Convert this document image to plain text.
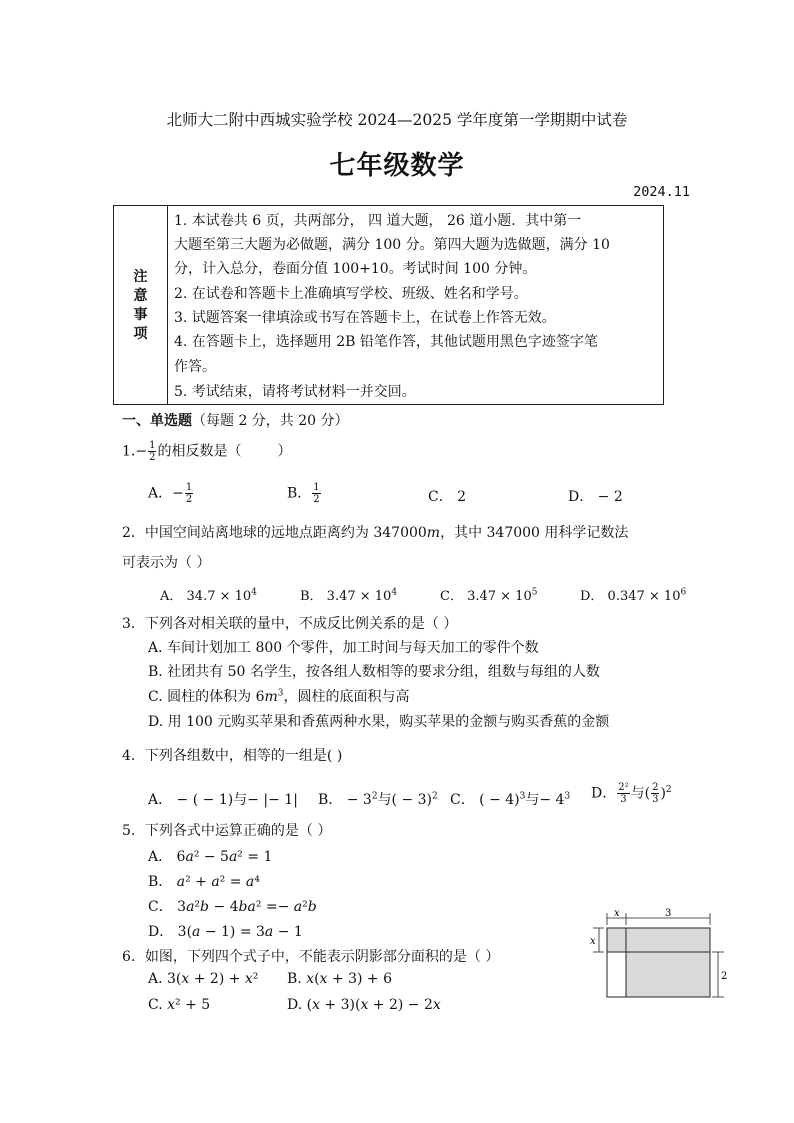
北师大二附中西城实验学校 2024—2025 学年度第一学期期中试卷
七年级数学
2024.11
注
意
事
项
1. 本试卷共 6 页，共两部分， 四 道大题， 26 道小题．其中第一
大题至第三大题为必做题，满分 100 分。第四大题为选做题，满分 10
分，计入总分，卷面分值 100+10。考试时间 100 分钟。
2. 在试卷和答题卡上准确填写学校、班级、姓名和学号。
3. 试题答案一律填涂或书写在答题卡上，在试卷上作答无效。
4. 在答题卡上，选择题用 2B 铅笔作答，其他试题用黑色字迹签字笔
作答。
5. 考试结束，请将考试材料一并交回。
一、单选题（每题 2 分，共 20 分）
$1.- \frac{1}{2}$ 的相反数是（	）
A．− $\frac{1}{2}$	B． $\frac{1}{2}$	C． 2	D． − 2
2．中国空间站离地球的远地点距离约为 347000𝑚，其中 347000 用科学记数法
可表示为（ ）
A． $34.7 \times 10^4$	B． $3.47 \times 10^4$	C． $3.47 \times 10^5$	D． $0.347 \times 10^6$
3．下列各对相关联的量中，不成反比例关系的是（ ）
A. 车间计划加工 800 个零件，加工时间与每天加工的零件个数
B. 社团共有 50 名学生，按各组人数相等的要求分组，组数与每组的人数
C. 圆柱的体积为 6𝑚$^3$，圆柱的底面积与高
D. 用 100 元购买苹果和香蕉两种水果，购买苹果的金额与购买香蕉的金额
4．下列各组数中，相等的一组是( )
A． − ( − 1)与− |− 1| B． − $3^2$与( − 3)$^2$ C． ( − 4)$^3$与− $4^3$ D． $\frac{\text{2²}}{3}$ 与( $\frac{2}{3} )^2$
5．下列各式中运算正确的是（ ）
A． 6𝑎² − 5𝑎² = 1
B． 𝑎² + 𝑎² = 𝑎⁴
C． 3𝑎²𝑏 − 4𝑏𝑎² =− 𝑎²𝑏
D． 3(𝑎 − 1) = 3𝑎 − 1
6．如图，下列四个式子中，不能表示阴影部分面积的是（ ）
A. 3(𝑥 + 2) + 𝑥² B. 𝑥(𝑥 + 3) + 6
C. 𝑥² + 5	D. (𝑥 + 3)(𝑥 + 2) − 2𝑥
x	3
x
2
